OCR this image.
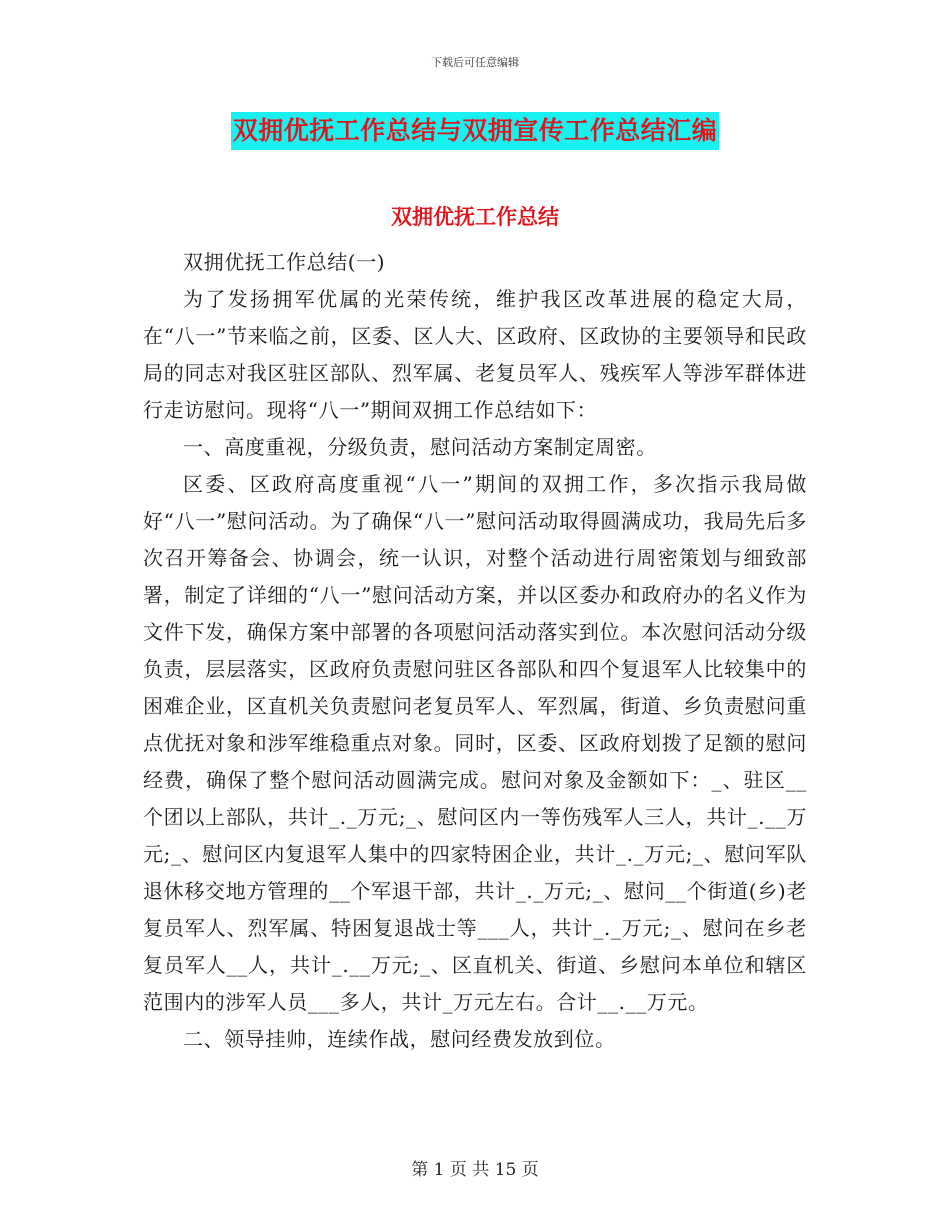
下载后可任意编辑
双拥优抚工作总结与双拥宣传工作总结汇编
双拥优抚工作总结

双拥优抚工作总结(一)

为了发扬拥军优属的光荣传统，维护我区改革进展的稳定大局，在“八一”节来临之前，区委、区人大、区政府、区政协的主要领导和民政局的同志对我区驻区部队、烈军属、老复员军人、残疾军人等涉军群体进行走访慰问。现将“八一”期间双拥工作总结如下：

一、高度重视，分级负责，慰问活动方案制定周密。

区委、区政府高度重视“八一”期间的双拥工作，多次指示我局做好“八一”慰问活动。为了确保“八一”慰问活动取得圆满成功，我局先后多次召开筹备会、协调会，统一认识，对整个活动进行周密策划与细致部署，制定了详细的“八一”慰问活动方案，并以区委办和政府办的名义作为文件下发，确保方案中部署的各项慰问活动落实到位。本次慰问活动分级负责，层层落实，区政府负责慰问驻区各部队和四个复退军人比较集中的困难企业，区直机关负责慰问老复员军人、军烈属，街道、乡负责慰问重点优抚对象和涉军维稳重点对象。同时，区委、区政府划拨了足额的慰问经费，确保了整个慰问活动圆满完成。慰问对象及金额如下：_、驻区__个团以上部队，共计_._万元;_、慰问区内一等伤残军人三人，共计_.__万元;_、慰问区内复退军人集中的四家特困企业，共计_._万元;_、慰问军队退休移交地方管理的__个军退干部，共计_._万元;_、慰问__个街道(乡)老复员军人、烈军属、特困复退战士等___人，共计_._万元;_、慰问在乡老复员军人__人，共计_.__万元;_、区直机关、街道、乡慰问本单位和辖区范围内的涉军人员___多人，共计_万元左右。合计__.__万元。

二、领导挂帅，连续作战，慰问经费发放到位。

第 1 页 共 15 页
